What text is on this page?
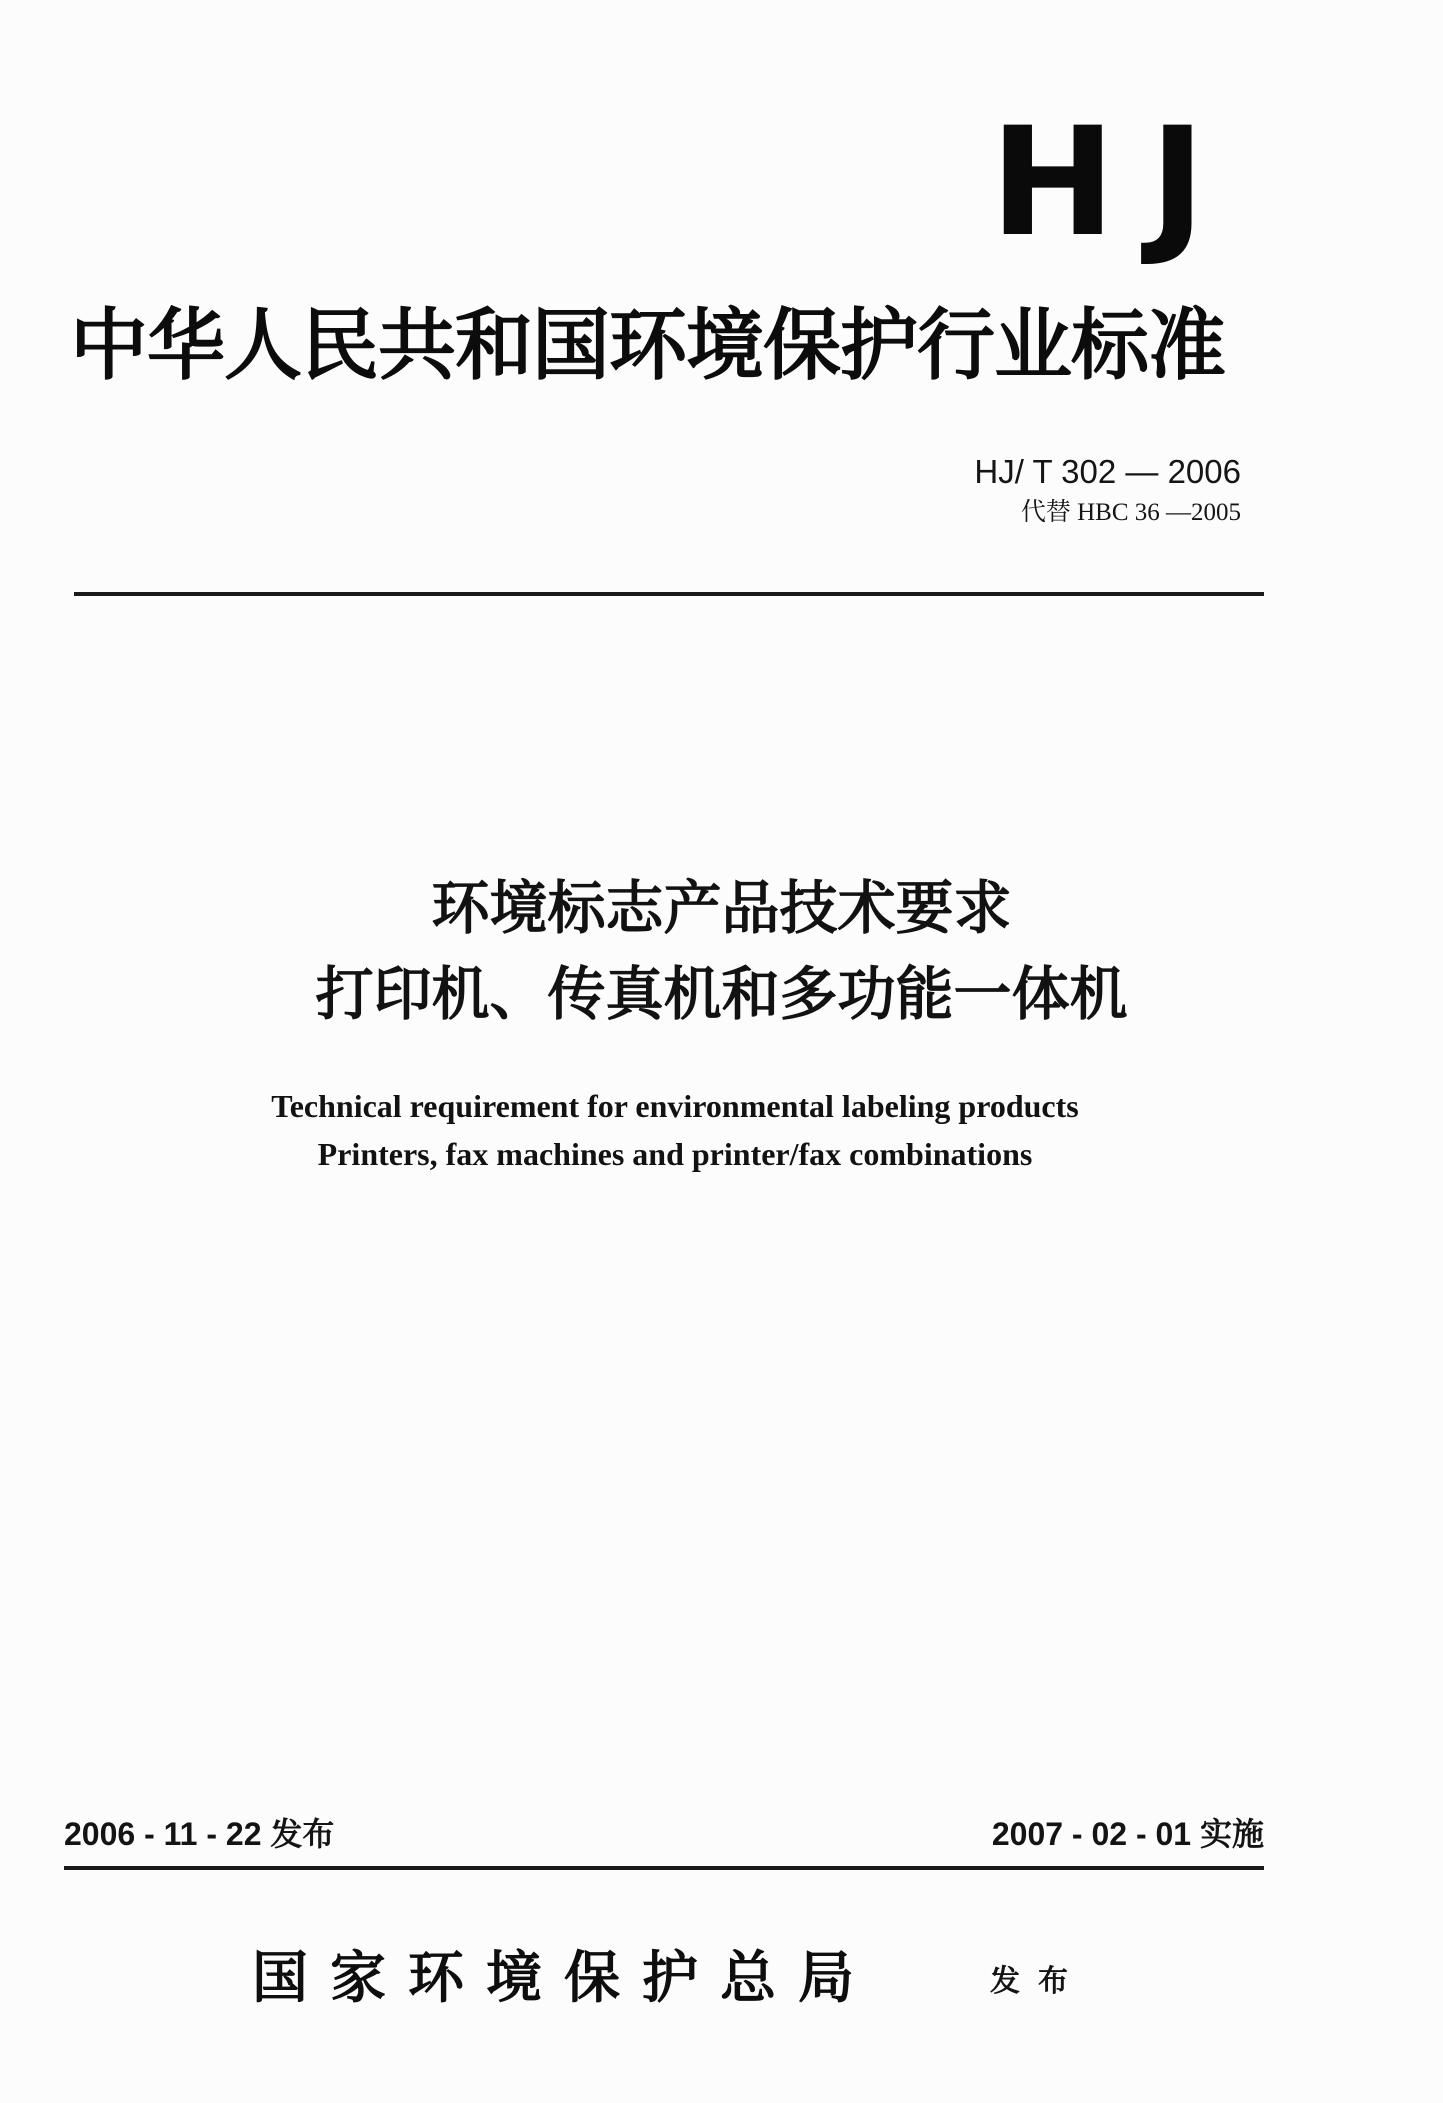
HJ
中华人民共和国环境保护行业标准
HJ/ T 302 — 2006
代替 HBC 36 —2005
环境标志产品技术要求
打印机、传真机和多功能一体机
Technical requirement for environmental labeling products
Printers, fax machines and printer/fax combinations
2006 - 11 - 22 发布	2007 - 02 - 01 实施
国家环境保护总局	发布
